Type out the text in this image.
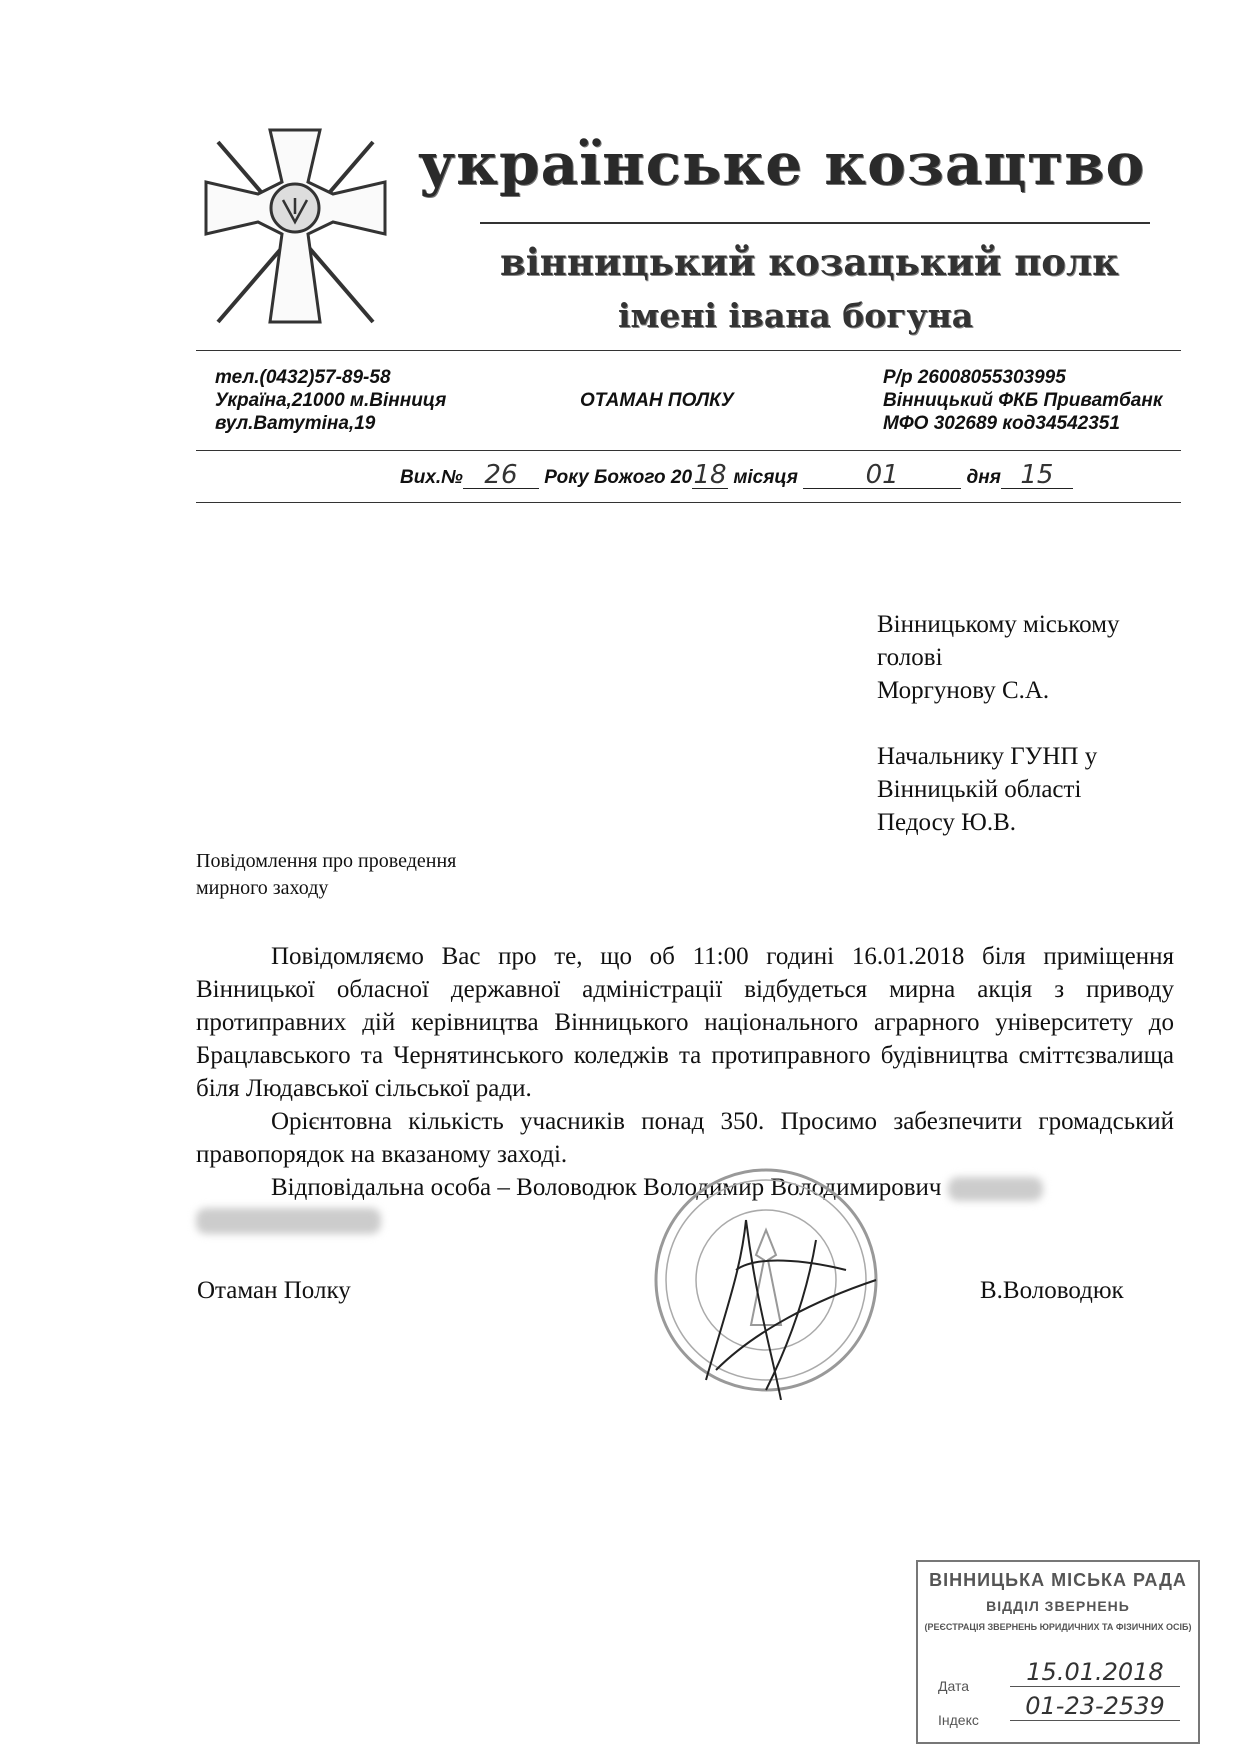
українське козацтво
вінницький козацький полк
імені івана богуна
тел.(0432)57-89-58
Україна,21000 м.Вінниця
вул.Ватутіна,19
ОТАМАН ПОЛКУ
Р/р 26008055303995
Вінницький ФКБ Приватбанк
МФО 302689 код34542351
Вих.№ 26 Року Божого 2018 місяця	01	дня 15
Вінницькому міському
голові
Моргунову С.А.
Начальнику ГУНП у
Вінницькій області
Педосу Ю.В.
Повідомлення про проведення
мирного заходу

Повідомляємо Вас про те, що об 11:00 годині 16.01.2018 біля приміщення Вінницької обласної державної адміністрації відбудеться мирна акція з приводу протиправних дій керівництва Вінницького національного аграрного університету до Брацлавського та Чернятинського коледжів та протиправного будівництва сміттєзвалища біля Людавської сільської ради.

Орієнтовна кількість учасників понад 350. Просимо забезпечити громадський правопорядок на вказаному заході.

Відповідальна особа – Воловодюк Володимир Володимирович

Отаман Полку	В.Воловодюк
ВІННИЦЬКА МІСЬКА РАДА
ВІДДІЛ ЗВЕРНЕНЬ
(РЕЄСТРАЦІЯ ЗВЕРНЕНЬ ЮРИДИЧНИХ ТА ФІЗИЧНИХ ОСІБ)
Дата	15.01.2018
Індекс	01-23-2539
